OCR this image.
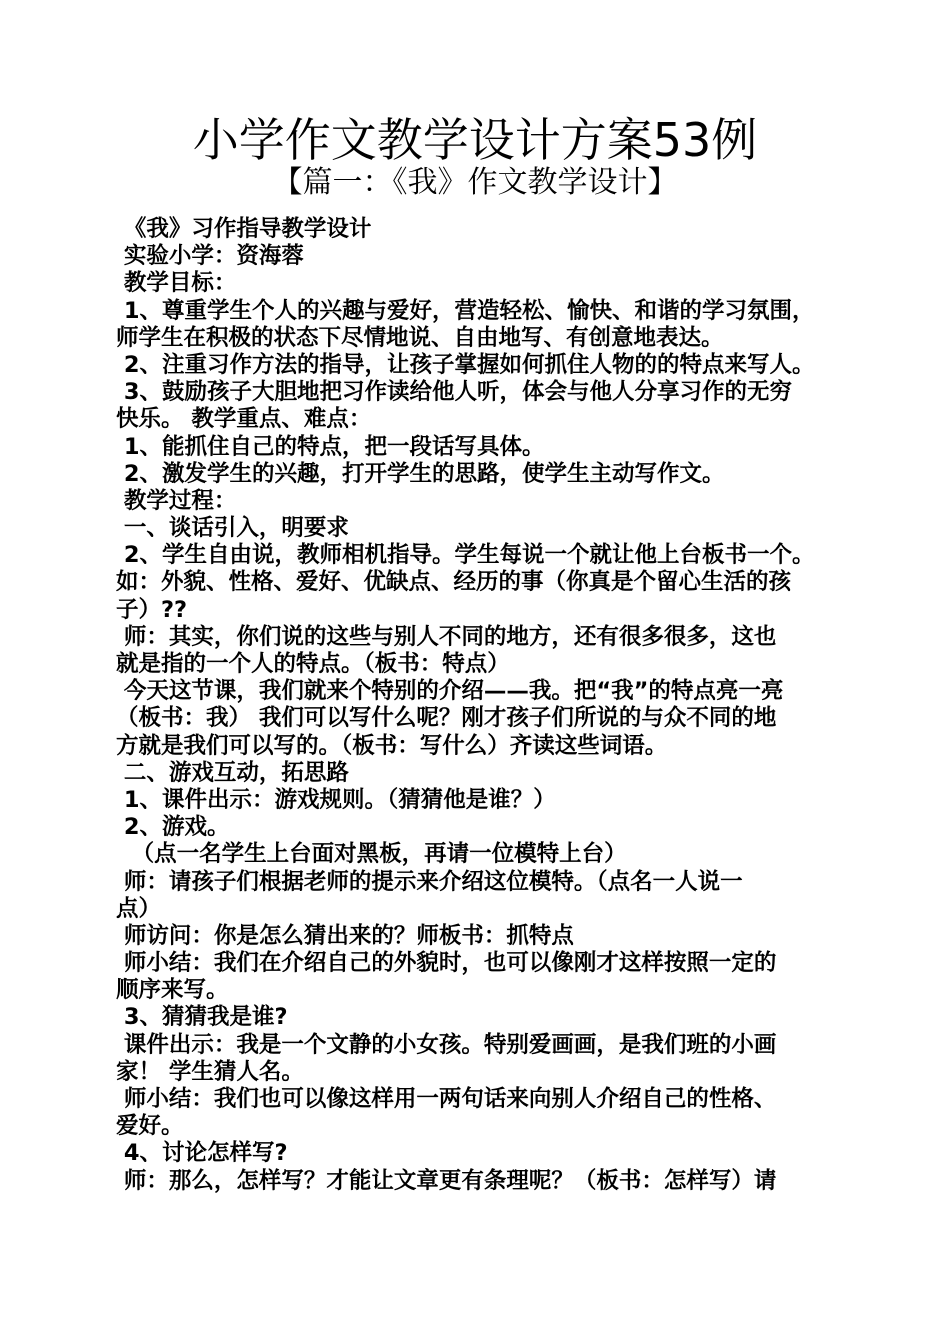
小学作文教学设计方案53例
【篇一：《我》作文教学设计】
《我》习作指导教学设计
实验小学：资海蓉
教学目标：
1、尊重学生个人的兴趣与爱好，营造轻松、愉快、和谐的学习氛围，
师学生在积极的状态下尽情地说、自由地写、有创意地表达。
2、注重习作方法的指导，让孩子掌握如何抓住人物的的特点来写人。
3、鼓励孩子大胆地把习作读给他人听，体会与他人分享习作的无穷
快乐。 教学重点、难点：
1、能抓住自己的特点，把一段话写具体。
2、激发学生的兴趣，打开学生的思路，使学生主动写作文。
教学过程：
一、谈话引入，明要求
2、学生自由说，教师相机指导。学生每说一个就让他上台板书一个。
如：外貌、性格、爱好、优缺点、经历的事（你真是个留心生活的孩
子）??
师：其实，你们说的这些与别人不同的地方，还有很多很多，这也
就是指的一个人的特点。（板书：特点）
今天这节课，我们就来个特别的介绍——我。把“我”的特点亮一亮
（板书：我） 我们可以写什么呢？刚才孩子们所说的与众不同的地
方就是我们可以写的。（板书：写什么）齐读这些词语。
二、游戏互动，拓思路
1、课件出示：游戏规则。（猜猜他是谁？）
2、游戏。
（点一名学生上台面对黑板，再请一位模特上台）
师：请孩子们根据老师的提示来介绍这位模特。（点名一人说一
点）
师访问：你是怎么猜出来的？师板书：抓特点
师小结：我们在介绍自己的外貌时，也可以像刚才这样按照一定的
顺序来写。
3、猜猜我是谁?
课件出示：我是一个文静的小女孩。特别爱画画，是我们班的小画
家！ 学生猜人名。
师小结：我们也可以像这样用一两句话来向别人介绍自己的性格、
爱好。
4、讨论怎样写?
师：那么，怎样写？才能让文章更有条理呢？（板书：怎样写）请
